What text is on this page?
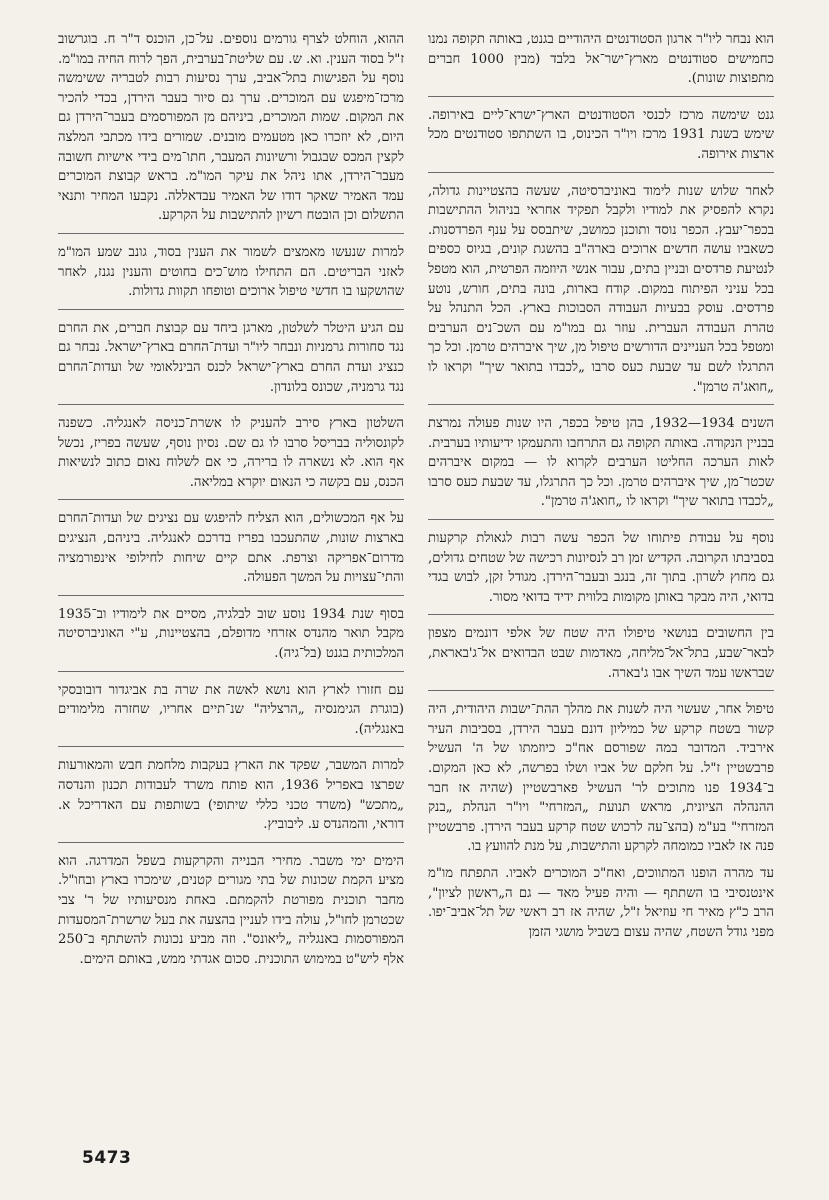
הוא נבחר ליו"ר ארגון הסטודנטים היהודיים בגנט, באותה תקופה נמנו כחמישים סטודנטים מארץ־ישר־אל בלבד (מבין 1000 חברים מתפוצות שונות).

גנט שימשה מרכז לכנסי הסטודנטים הארץ־ישרא־ליים באירופה. שימש בשנת 1931 מרכז ויו"ר הכינוס, בו השתתפו סטודנטים מכל ארצות אירופה.

לאחר שלוש שנות לימוד באוניברסיטה, שעשה בהצטיינות גדולה, נקרא להפסיק את למודיו ולקבל תפקיד אחראי בניהול ההתישבות בכפר־יעבץ. הכפר נוסד ותוכנן כמושב, שיתבסס על ענף הפרדסנות. כשאביו עושה חדשים ארוכים בארה"ב בהשגת קונים, בגיוס כספים לנטיעת פרדסים ובניין בתים, עבור אנשי היוזמה הפרטית, הוא מטפל בכל עניני הפיתוח במקום. קודח בארות, בונה בתים, חורש, נוטע פרדסים. עוסק בבעיות העבודה הסבוכות בארץ. הכל התנהל על טהרת העבודה העברית. עוזר גם במו"מ עם השכ־נים הערבים ומטפל בכל העניינים הדורשים טיפול מן, שיך איברהים טרמן. וכל כך התרגלו לשם עד שבעת כעס סרבו „לכבדו בתואר שיך" וקראו לו „חואג'ה טרמן".

השנים 1934—1932, בהן טיפל בכפר, היו שנות פעולה נמרצת בבניין הנקודה. באותה תקופה גם התרחבו והתעמקו ידיעותיו בערבית. לאות הערכה החליטו הערבים לקרוא לו — במקום איברהים שכטר־מן, שיך איברהים טרמן. וכל כך התרגלו, עד שבעת כעס סרבו „לכבדו בתואר שיך" וקראו לו „חואג'ה טרמן".

נוסף על עבודת פיתוחו של הכפר עשה רבות לגאולת קרקעות בסביבתו הקרובה. הקדיש זמן רב לנסיונות רכישה של שטחים גדולים, גם מחוץ לשרון. בתוך זה, בנגב ובעבר־הירדן. מגודל זקן, לבוש בגדי בדואי, היה מבקר באותן מקומות בלווית ידיד בדואי מסור.

בין החשובים בנושאי טיפולו היה שטח של אלפי דונמים מצפון לבאר־שבע, בתל־אל־מליחה, מאדמות שבט הבדואים אל־ג'באראת, שבראשו עמד השיך אבו ג'בארה.

טיפול אחר, שעשוי היה לשנות את מהלך ההת־ישבות היהודית, היה קשור בשטח קרקע של כמיליון דונם בעבר הירדן, בסביבות העיר אירביד. המדובר במה שפורסם אח"כ כיוזמתו של ה' העשיל פרבשטיין ז"ל. על חלקם של אביו ושלו בפרשה, לא כאן המקום. ב־1934 פנו מתוכים לר' העשיל פארבשטיין (שהיה אז חבר ההנהלה הציונית, מראש תנועת „המזרחי" ויו"ר הנהלת „בנק המזרחי" בע"מ (בהצ־עה לרכוש שטח קרקע בעבר הירדן. פרבשטיין פנה אז לאביו כמומחה לקרקע והתישבות, על מנת להוועץ בו.

עד מהרה הופנו המתווכים, ואח"כ המוכרים לאביו. התפתח מו"מ אינטנסיבי בו השתתף — והיה פעיל מאד — גם ה„ראשון לציון", הרב כ"ץ מאיר חי עוזיאל ז"ל, שהיה אז רב ראשי של תל־אביב־יפו. מפני גודל השטח, שהיה עצום בשביל מושגי הזמן

ההוא, הוחלט לצרף גורמים נוספים. על־כן, הוכנס ד"ר ח. בוגרשוב ז"ל בסוד הענין. וא. ש. עם שליטת־בערבית, הפך לרוח החיה במו"מ. נוסף על הפגישות בתל־אביב, ערך נסיעות רבות לטבריה ששימשה מרכז־מיפגש עם המוכרים. ערך גם סיור בעבר הירדן, בכדי להכיר את המקום. שמות המוכרים, ביניהם מן המפורסמים בעבר־הירדן גם היום, לא יוזכרו כאן מטעמים מובנים. שמורים בידו מכתבי המלצה לקצין המכס שבגבול ורשיונות המעבר, חתו־מים בידי אישיות חשובה מעבר־הירדן, אתו ניהל את עיקר המו"מ. בראש קבוצת המוכרים עמד האמיר שאקר דודו של האמיר עבדאללה. נקבעו המחיר ותנאי התשלום וכן הובטח רשיון להתישבות על הקרקע.

למרות שנעשו מאמצים לשמור את הענין בסוד, גונב שמע המו"מ לאזני הבריטים. הם התחילו מוש־כים בחוטים והענין נגנז, לאחר שהושקעו בו חדשי טיפול ארוכים וטופחו תקוות גדולות.

עם הגיע היטלר לשלטון, מארגן ביחד עם קבוצת חברים, את החרם נגד סחורות גרמניות ונבחר ליו"ר ועדת־החרם בארץ־ישראל. נבחר גם כנציג ועדת החרם בארץ־ישראל לכנס הבינלאומי של ועדות־החרם נגד גרמניה, שכונס בלונדון.

השלטון בארץ סירב להעניק לו אשרת־כניסה לאנגליה. כשפנה לקונסוליה בבריסל סרבו לו גם שם. נסיון נוסף, שעשה בפריז, נכשל אף הוא. לא נשארה לו ברירה, כי אם לשלוח נאום כתוב לנשיאות הכנס, עם בקשה כי הנאום יוקרא במליאה.

על אף המכשולים, הוא הצליח להיפגש עם נציגים של ועדות־החרם בארצות שונות, שהתעכבו בפריז בדרכם לאנגליה. ביניהם, הנציגים מדרום־אפריקה וצרפת. אתם קיים שיחות לחילופי אינפורמציה והתי־עצויות על המשך הפעולה.

בסוף שנת 1934 נוסע שוב לבלגיה, מסיים את לימודיו וב־1935 מקבל תואר מהנדס אזרחי מדופלם, בהצטיינות, ע"י האוניברסיטה המלכותית בגנט (בל־גיה).

עם חזורו לארץ הוא נושא לאשה את שרה בת אביגדור דובובסקי (בוגרת הגימנסיה „הרצליה" שנ־תיים אחריו, שחזרה מלימודים באנגליה).

למרות המשבר, שפקד את הארץ בעקבות מלחמת חבש והמאורעות שפרצו באפריל 1936, הוא פותח משרד לעבודות תכנון והנדסה „מתכש" (משרד טכני כללי שיתופי) בשותפות עם האדריכל א. דוראי, והמהנדס ע. ליבוביץ.

הימים ימי משבר. מחירי הבנייה והקרקעות בשפל המדרגה. הוא מציע הקמת שכונות של בתי מגורים קטנים, שימכרו בארץ ובחו"ל. מחבר תוכנית מפורטת להקמתם. באחת מנסיעותיו של ר' צבי שכטרמן לחו"ל, עולה בידו לעניין בהצעה את בעל שרשרת־המסעדות המפורסמות באנגליה „ליאונס". וזה מביע נכונות להשתתף ב־250 אלף ליש"ט במימוש התוכנית. סכום אגדתי ממש, באותם הימים.

5473
